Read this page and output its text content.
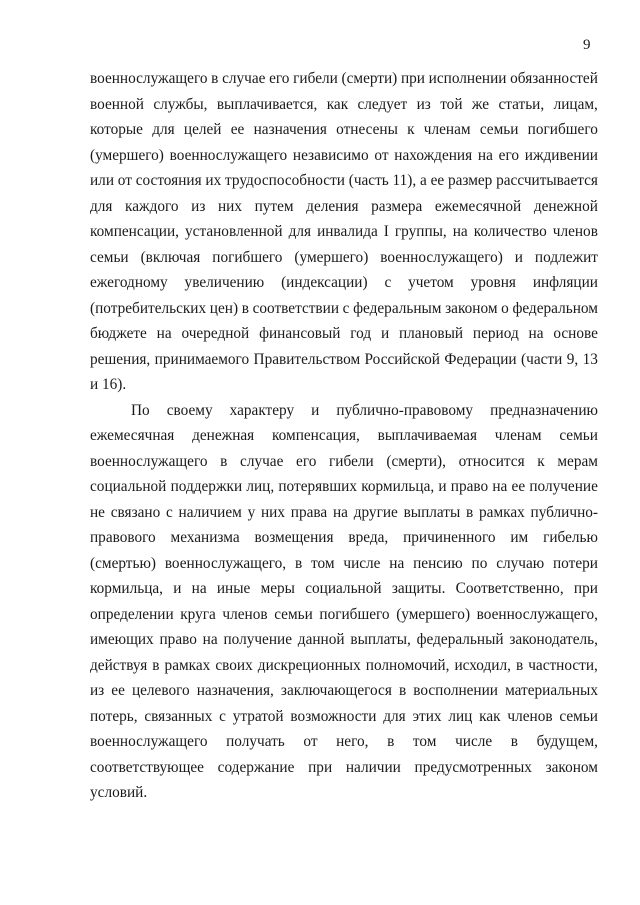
9
военнослужащего в случае его гибели (смерти) при исполнении обязанностей
военной службы, выплачивается, как следует из той же статьи, лицам,
которые для целей ее назначения отнесены к членам семьи погибшего
(умершего) военнослужащего независимо от нахождения на его иждивении
или от состояния их трудоспособности (часть 11), а ее размер рассчитывается
для каждого из них путем деления размера ежемесячной денежной
компенсации, установленной для инвалида I группы, на количество членов
семьи (включая погибшего (умершего) военнослужащего) и подлежит
ежегодному увеличению (индексации) с учетом уровня инфляции
(потребительских цен) в соответствии с федеральным законом о федеральном
бюджете на очередной финансовый год и плановый период на основе
решения, принимаемого Правительством Российской Федерации (части 9, 13
и 16).
По своему характеру и публично-правовому предназначению
ежемесячная денежная компенсация, выплачиваемая членам семьи
военнослужащего в случае его гибели (смерти), относится к мерам
социальной поддержки лиц, потерявших кормильца, и право на ее получение
не связано с наличием у них права на другие выплаты в рамках публично-
правового механизма возмещения вреда, причиненного им гибелью
(смертью) военнослужащего, в том числе на пенсию по случаю потери
кормильца, и на иные меры социальной защиты. Соответственно, при
определении круга членов семьи погибшего (умершего) военнослужащего,
имеющих право на получение данной выплаты, федеральный законодатель,
действуя в рамках своих дискреционных полномочий, исходил, в частности,
из ее целевого назначения, заключающегося в восполнении материальных
потерь, связанных с утратой возможности для этих лиц как членов семьи
военнослужащего получать от него, в том числе в будущем,
соответствующее содержание при наличии предусмотренных законом
условий.
